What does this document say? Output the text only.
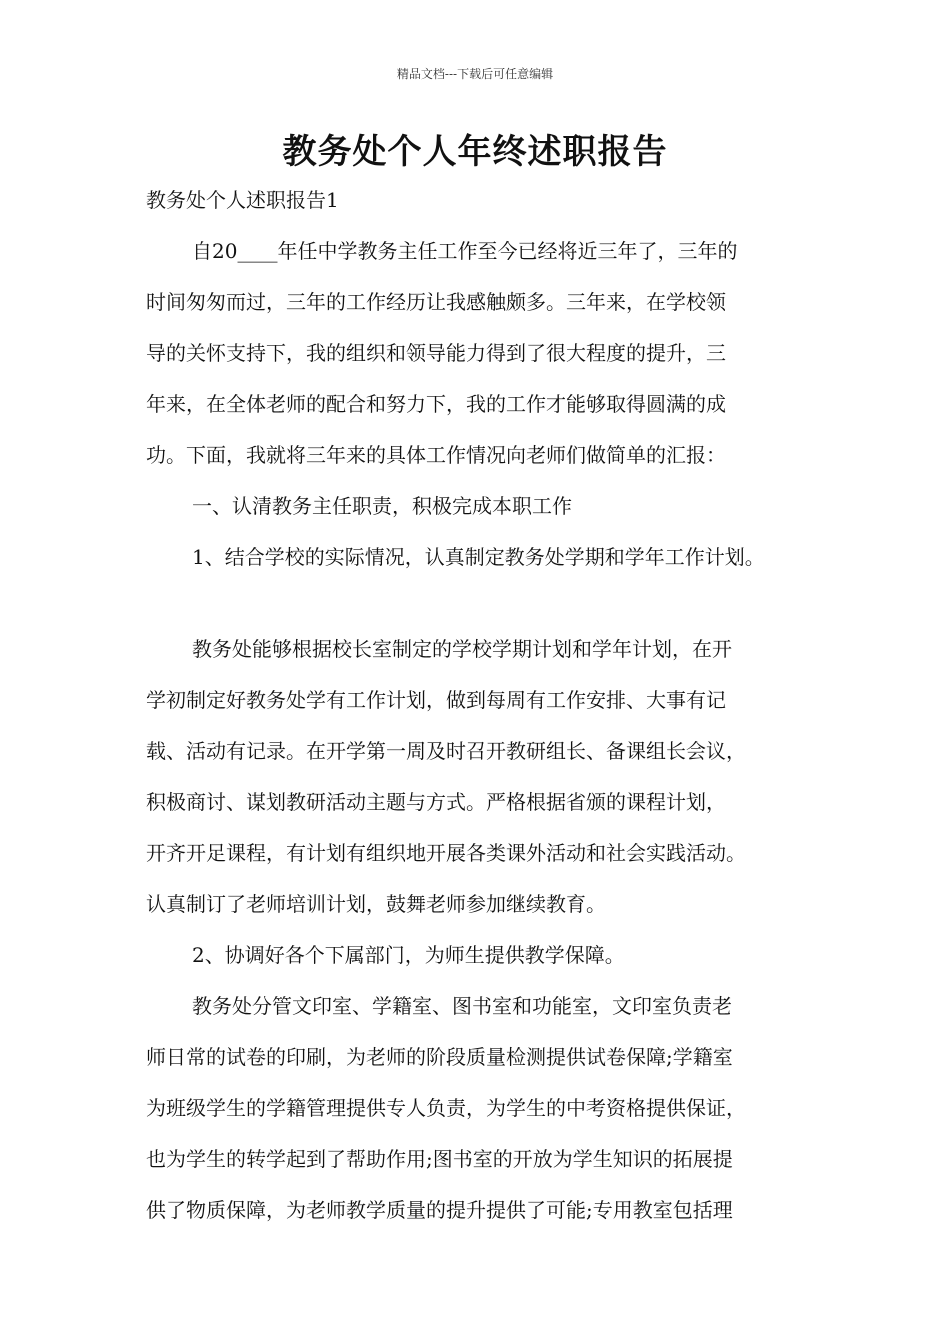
精品文档---下载后可任意编辑
教务处个人年终述职报告
教务处个人述职报告1
自20____年任中学教务主任工作至今已经将近三年了，三年的
时间匆匆而过，三年的工作经历让我感触颇多。三年来，在学校领
导的关怀支持下，我的组织和领导能力得到了很大程度的提升，三
年来，在全体老师的配合和努力下，我的工作才能够取得圆满的成
功。下面，我就将三年来的具体工作情况向老师们做简单的汇报：
一、认清教务主任职责，积极完成本职工作
1、结合学校的实际情况，认真制定教务处学期和学年工作计划。
教务处能够根据校长室制定的学校学期计划和学年计划，在开
学初制定好教务处学有工作计划，做到每周有工作安排、大事有记
载、活动有记录。在开学第一周及时召开教研组长、备课组长会议，
积极商讨、谋划教研活动主题与方式。严格根据省颁的课程计划，
开齐开足课程，有计划有组织地开展各类课外活动和社会实践活动。
认真制订了老师培训计划，鼓舞老师参加继续教育。
2、协调好各个下属部门，为师生提供教学保障。
教务处分管文印室、学籍室、图书室和功能室，文印室负责老
师日常的试卷的印刷，为老师的阶段质量检测提供试卷保障;学籍室
为班级学生的学籍管理提供专人负责，为学生的中考资格提供保证，
也为学生的转学起到了帮助作用;图书室的开放为学生知识的拓展提
供了物质保障，为老师教学质量的提升提供了可能;专用教室包括理
